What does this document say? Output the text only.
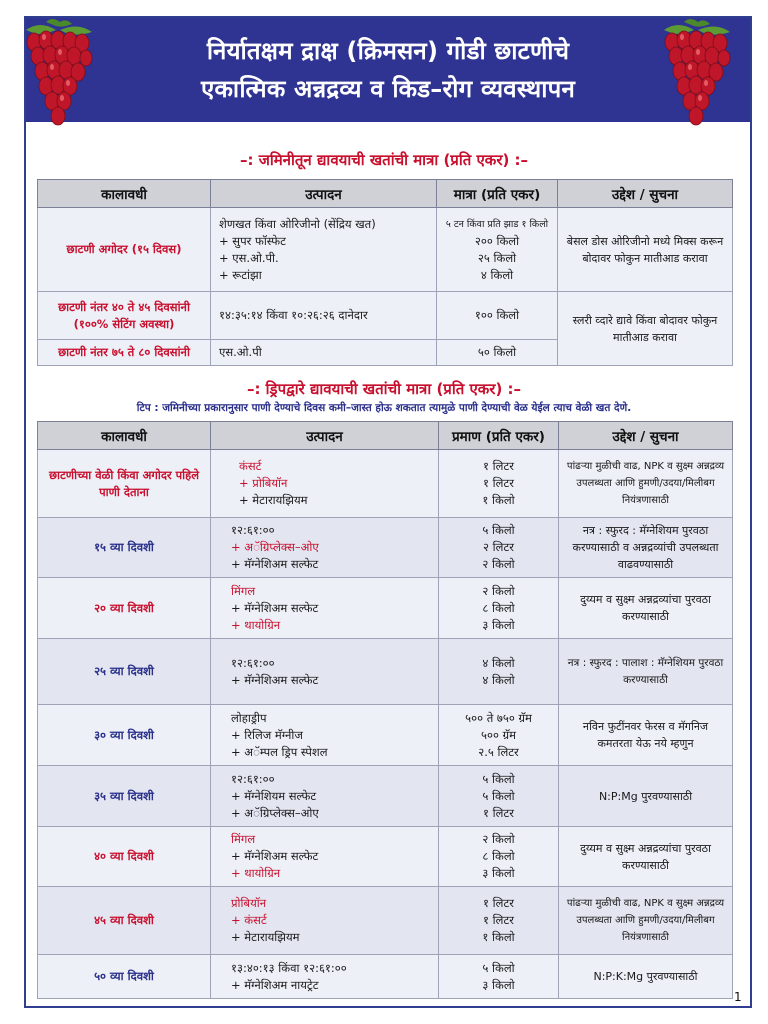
निर्यातक्षम द्राक्ष (क्रिमसन) गोडी छाटणीचे
एकात्मिक अन्नद्रव्य व किड–रोग व्यवस्थापन
–: जमिनीतून द्यावयाची खतांची मात्रा (प्रति एकर) :–
कालावधी	उत्पादन	मात्रा (प्रति एकर)	उद्देश / सुचना
छाटणी अगोदर (१५ दिवस)	शेणखत किंवा ओरिजीनो (सेंद्रिय खत)
+ सुपर फॉस्फेट
+ एस.ओ.पी.
+ रूटांझा	५ टन किंवा प्रति झाड १ किलो
२०० किलो
२५ किलो
४ किलो	बेसल डोस ओरिजीनो मध्ये मिक्स करून बोदावर फोकुन मातीआड करावा
छाटणी नंतर ४० ते ४५ दिवसांनी (१००% सेटिंग अवस्था)	१४:३५:१४ किंवा १०:२६:२६ दानेदार	१०० किलो	स्लरी व्दारे द्यावे किंवा बोदावर फोकुन मातीआड करावा
छाटणी नंतर ७५ ते ८० दिवसांनी	एस.ओ.पी	५० किलो	
–: ड्रिपद्वारे द्यावयाची खतांची मात्रा (प्रति एकर) :–
टिप : जमिनीच्या प्रकारानुसार पाणी देण्याचे दिवस कमी–जास्त होऊ शकतात त्यामुळे पाणी देण्याची वेळ येईल त्याच वेळी खत देणे.
कालावधी	उत्पादन	प्रमाण (प्रति एकर)	उद्देश / सुचना
छाटणीच्या वेळी किंवा अगोदर पहिले पाणी देताना	कंसर्ट
+ प्रोबियॉन
+ मेटारायझियम	१ लिटर
१ लिटर
१ किलो	पांढऱ्या मुळीची वाढ, NPK व सुक्ष्म अन्नद्रव्य उपलब्धता आणि हुमणी/उदया/मिलीबग नियंत्रणासाठी
१५ व्या दिवशी	१२:६१:००
+ अॅग्रिप्लेक्स–ओए
+ मॅग्नेशिअम सल्फेट	५ किलो
२ लिटर
२ किलो	नत्र : स्फुरद : मॅग्नेशियम पुरवठा करण्यासाठी व अन्नद्रव्यांची उपलब्धता वाढवण्यासाठी
२० व्या दिवशी	मिंगल
+ मॅग्नेशिअम सल्फेट
+ थायोग्रिन	२ किलो
८ किलो
३ किलो	दुय्यम व सुक्ष्म अन्नद्रव्यांचा पुरवठा करण्यासाठी
२५ व्या दिवशी	१२:६१:००
+ मॅग्नेशिअम सल्फेट	४ किलो
४ किलो	नत्र : स्फुरद : पालाश : मॅग्नेशियम पुरवठा करण्यासाठी
३० व्या दिवशी	लोहाड्रीप
+ रिलिज मॅग्नीज
+ अॅम्पल ड्रिप स्पेशल	५०० ते ७५० ग्रॅम
५०० ग्रॅम
२.५ लिटर	नविन फुटींनवर फेरस व मॅगनिज कमतरता येऊ नये म्हणुन
३५ व्या दिवशी	१२:६१:००
+ मॅग्नेशियम सल्फेट
+ अॅग्रिप्लेक्स–ओए	५ किलो
५ किलो
१ लिटर	N:P:Mg पुरवण्यासाठी
४० व्या दिवशी	मिंगल
+ मॅग्नेशिअम सल्फेट
+ थायोग्रिन	२ किलो
८ किलो
३ किलो	दुय्यम व सुक्ष्म अन्नद्रव्यांचा पुरवठा करण्यासाठी
४५ व्या दिवशी	प्रोबियॉन
+ कंसर्ट
+ मेटारायझियम	१ लिटर
१ लिटर
१ किलो	पांढऱ्या मुळीची वाढ, NPK व सुक्ष्म अन्नद्रव्य उपलब्धता आणि हुमणी/उदया/मिलीबग नियंत्रणासाठी
५० व्या दिवशी	१३:४०:१३ किंवा १२:६१:००
+ मॅग्नेशिअम नायट्रेट	५ किलो
३ किलो	N:P:K:Mg पुरवण्यासाठी
1
